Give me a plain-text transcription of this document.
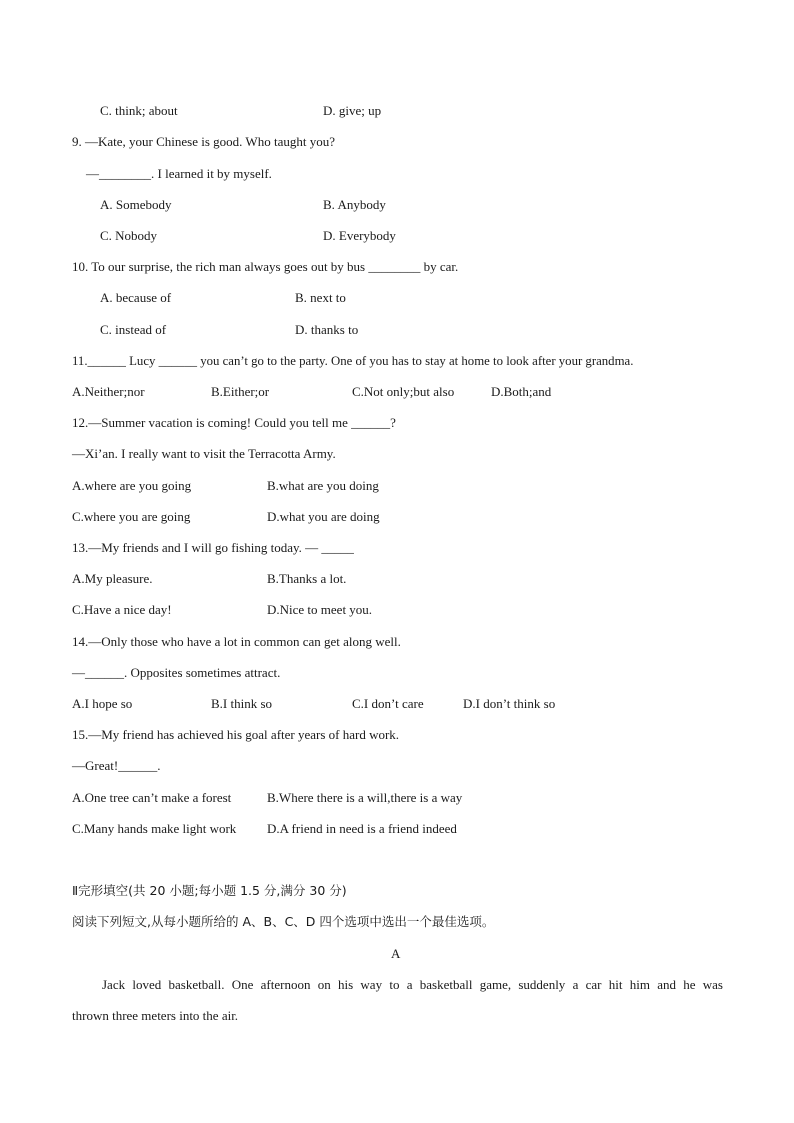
C. think; about	D. give; up
9. —Kate, your Chinese is good. Who taught you?
—________. I learned it by myself.
A. Somebody	B. Anybody
C. Nobody	D. Everybody
10. To our surprise, the rich man always goes out by bus ________ by car.
A. because of	B. next to
C. instead of	D. thanks to
11.______ Lucy ______ you can’t go to the party. One of you has to stay at home to look after your grandma.
A.Neither;nor	B.Either;or	C.Not only;but also	D.Both;and
12.—Summer vacation is coming! Could you tell me ______?
—Xi’an. I really want to visit the Terracotta Army.
A.where are you going	B.what are you doing
C.where you are going	D.what you are doing
13.—My friends and I will go fishing today. — _____
A.My pleasure.	B.Thanks a lot.
C.Have a nice day!	D.Nice to meet you.
14.—Only those who have a lot in common can get along well.
—______. Opposites sometimes attract.
A.I hope so	B.I think so	C.I don’t care	D.I don’t think so
15.—My friend has achieved his goal after years of hard work.
—Great!______.
A.One tree can’t make a forest	B.Where there is a will,there is a way
C.Many hands make light work D.A friend in need is a friend indeed
Ⅱ完形填空(共 20 小题;每小题 1.5 分,满分 30 分)
阅读下列短文,从每小题所给的 A、B、C、D 四个选项中选出一个最佳选项。
A
Jack loved basketball. One afternoon on his way to a basketball game, suddenly a car hit him and he was
thrown three meters into the air.
